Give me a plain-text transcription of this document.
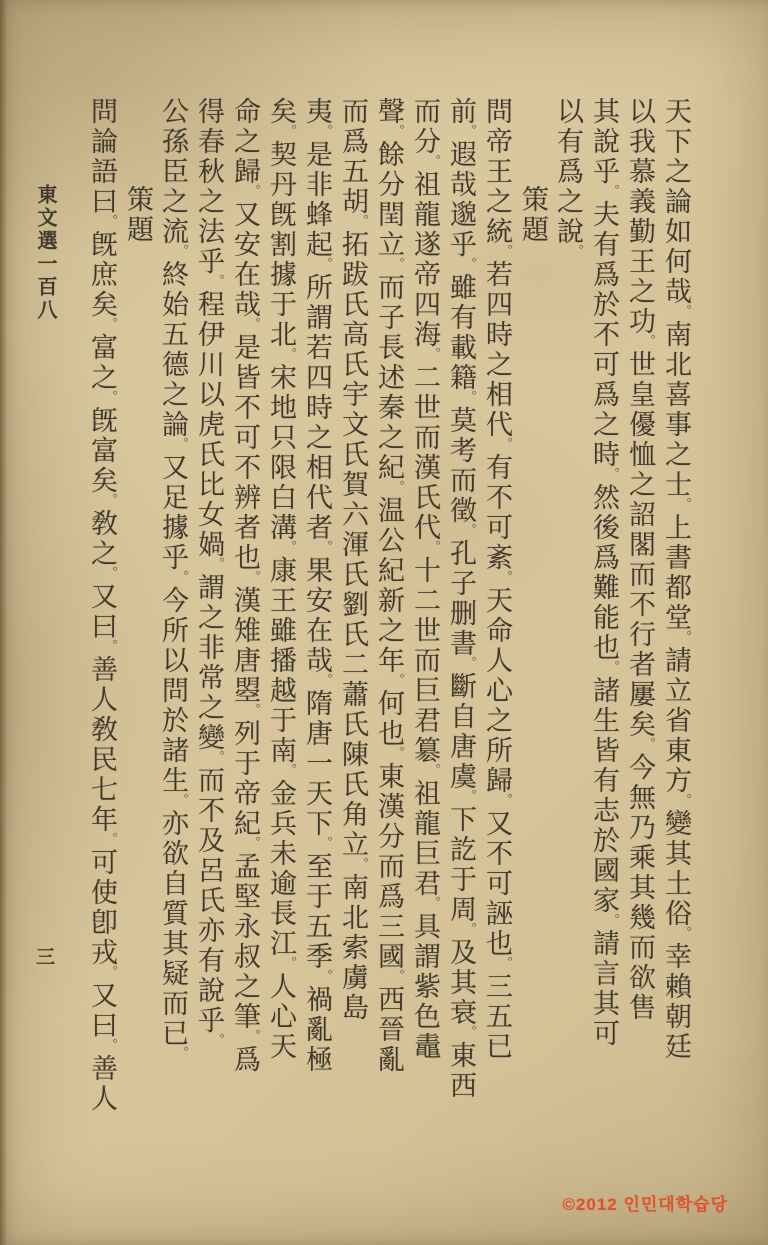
天下之論如何哉。南北喜事之士。上書都堂。請立省東方。變其土俗。幸賴朝廷
以我慕義勤王之功。世皇優恤之詔閣而不行者屢矣。今無乃乘其幾而欲售
其說乎。夫有爲於不可爲之時。然後爲難能也。諸生皆有志於國家。請言其可
以有爲之說。
策題
問帝王之統。若四時之相代。有不可紊。天命人心之所歸。又不可誣也。三五已
前。遐哉邈乎。雖有載籍。莫考而徵。孔子删書。斷自唐虞。下訖于周。及其衰。東西
而分。祖龍遂帝四海。二世而漢氏代。十二世而巨君簒。祖龍巨君。具謂紫色鼃
聲。餘分閏立。而子長述秦之紀。温公紀新之年。何也。東漢分而爲三國。西晉亂
而爲五胡。拓跋氏高氏宇文氏賀六渾氏劉氏二蕭氏陳氏角立。南北索虜島
夷。是非蜂起。所謂若四時之相代者。果安在哉。隋唐一天下。至于五季。禍亂極
矣。契丹旣割據于北。宋地只限白溝。康王雖播越于南。金兵未逾長江。人心天
命之歸。又安在哉。是皆不可不辨者也。漢雉唐曌。列于帝紀。孟堅永叔之筆。爲
得春秋之法乎。程伊川以虎氏比女媧。謂之非常之變。而不及呂氏亦有說乎。
公孫臣之流。終始五德之論。又足據乎。今所以問於諸生。亦欲自質其疑而已。
策題
問論語曰。旣庶矣。富之。旣富矣。敎之。又曰。善人敎民七年。可使卽戎。又曰。善人
東文選一百八
三
©2012 인민대학습당
